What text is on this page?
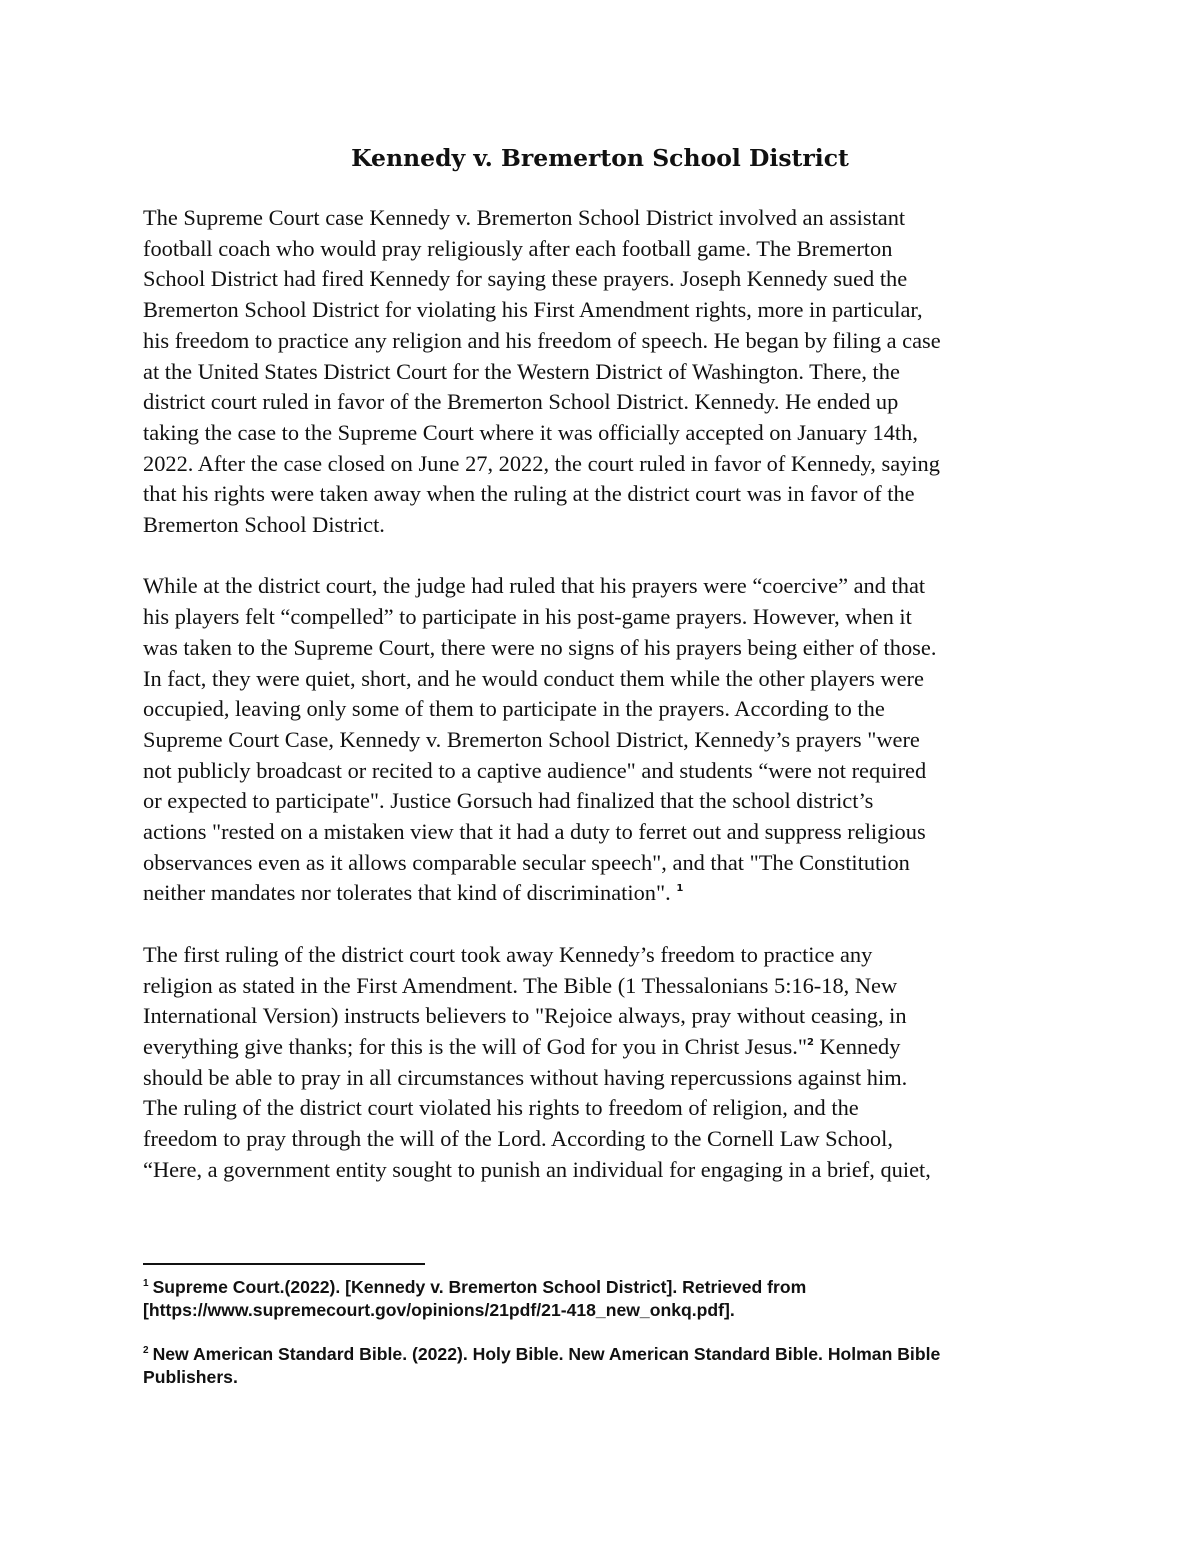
Kennedy v. Bremerton School District

The Supreme Court case Kennedy v. Bremerton School District involved an assistant
football coach who would pray religiously after each football game. The Bremerton
School District had fired Kennedy for saying these prayers. Joseph Kennedy sued the
Bremerton School District for violating his First Amendment rights, more in particular,
his freedom to practice any religion and his freedom of speech. He began by filing a case
at the United States District Court for the Western District of Washington. There, the
district court ruled in favor of the Bremerton School District. Kennedy. He ended up
taking the case to the Supreme Court where it was officially accepted on January 14th,
2022. After the case closed on June 27, 2022, the court ruled in favor of Kennedy, saying
that his rights were taken away when the ruling at the district court was in favor of the
Bremerton School District.

While at the district court, the judge had ruled that his prayers were “coercive” and that
his players felt “compelled” to participate in his post-game prayers. However, when it
was taken to the Supreme Court, there were no signs of his prayers being either of those.
In fact, they were quiet, short, and he would conduct them while the other players were
occupied, leaving only some of them to participate in the prayers. According to the
Supreme Court Case, Kennedy v. Bremerton School District, Kennedy’s prayers "were
not publicly broadcast or recited to a captive audience" and students “were not required
or expected to participate". Justice Gorsuch had finalized that the school district’s
actions "rested on a mistaken view that it had a duty to ferret out and suppress religious
observances even as it allows comparable secular speech", and that "The Constitution
neither mandates nor tolerates that kind of discrimination". $^1$

The first ruling of the district court took away Kennedy’s freedom to practice any
religion as stated in the First Amendment. The Bible (1 Thessalonians 5:16-18, New
International Version) instructs believers to "Rejoice always, pray without ceasing, in
everything give thanks; for this is the will of God for you in Christ Jesus."$^2$ Kennedy
should be able to pray in all circumstances without having repercussions against him.
The ruling of the district court violated his rights to freedom of religion, and the
freedom to pray through the will of the Lord. According to the Cornell Law School,
“Here, a government entity sought to punish an individual for engaging in a brief, quiet,

$^1$ Supreme Court.(2022). [Kennedy v. Bremerton School District]. Retrieved from
[https://www.supremecourt.gov/opinions/21pdf/21-418_new_onkq.pdf].
$^2$ New American Standard Bible. (2022). Holy Bible. New American Standard Bible. Holman Bible
Publishers.
